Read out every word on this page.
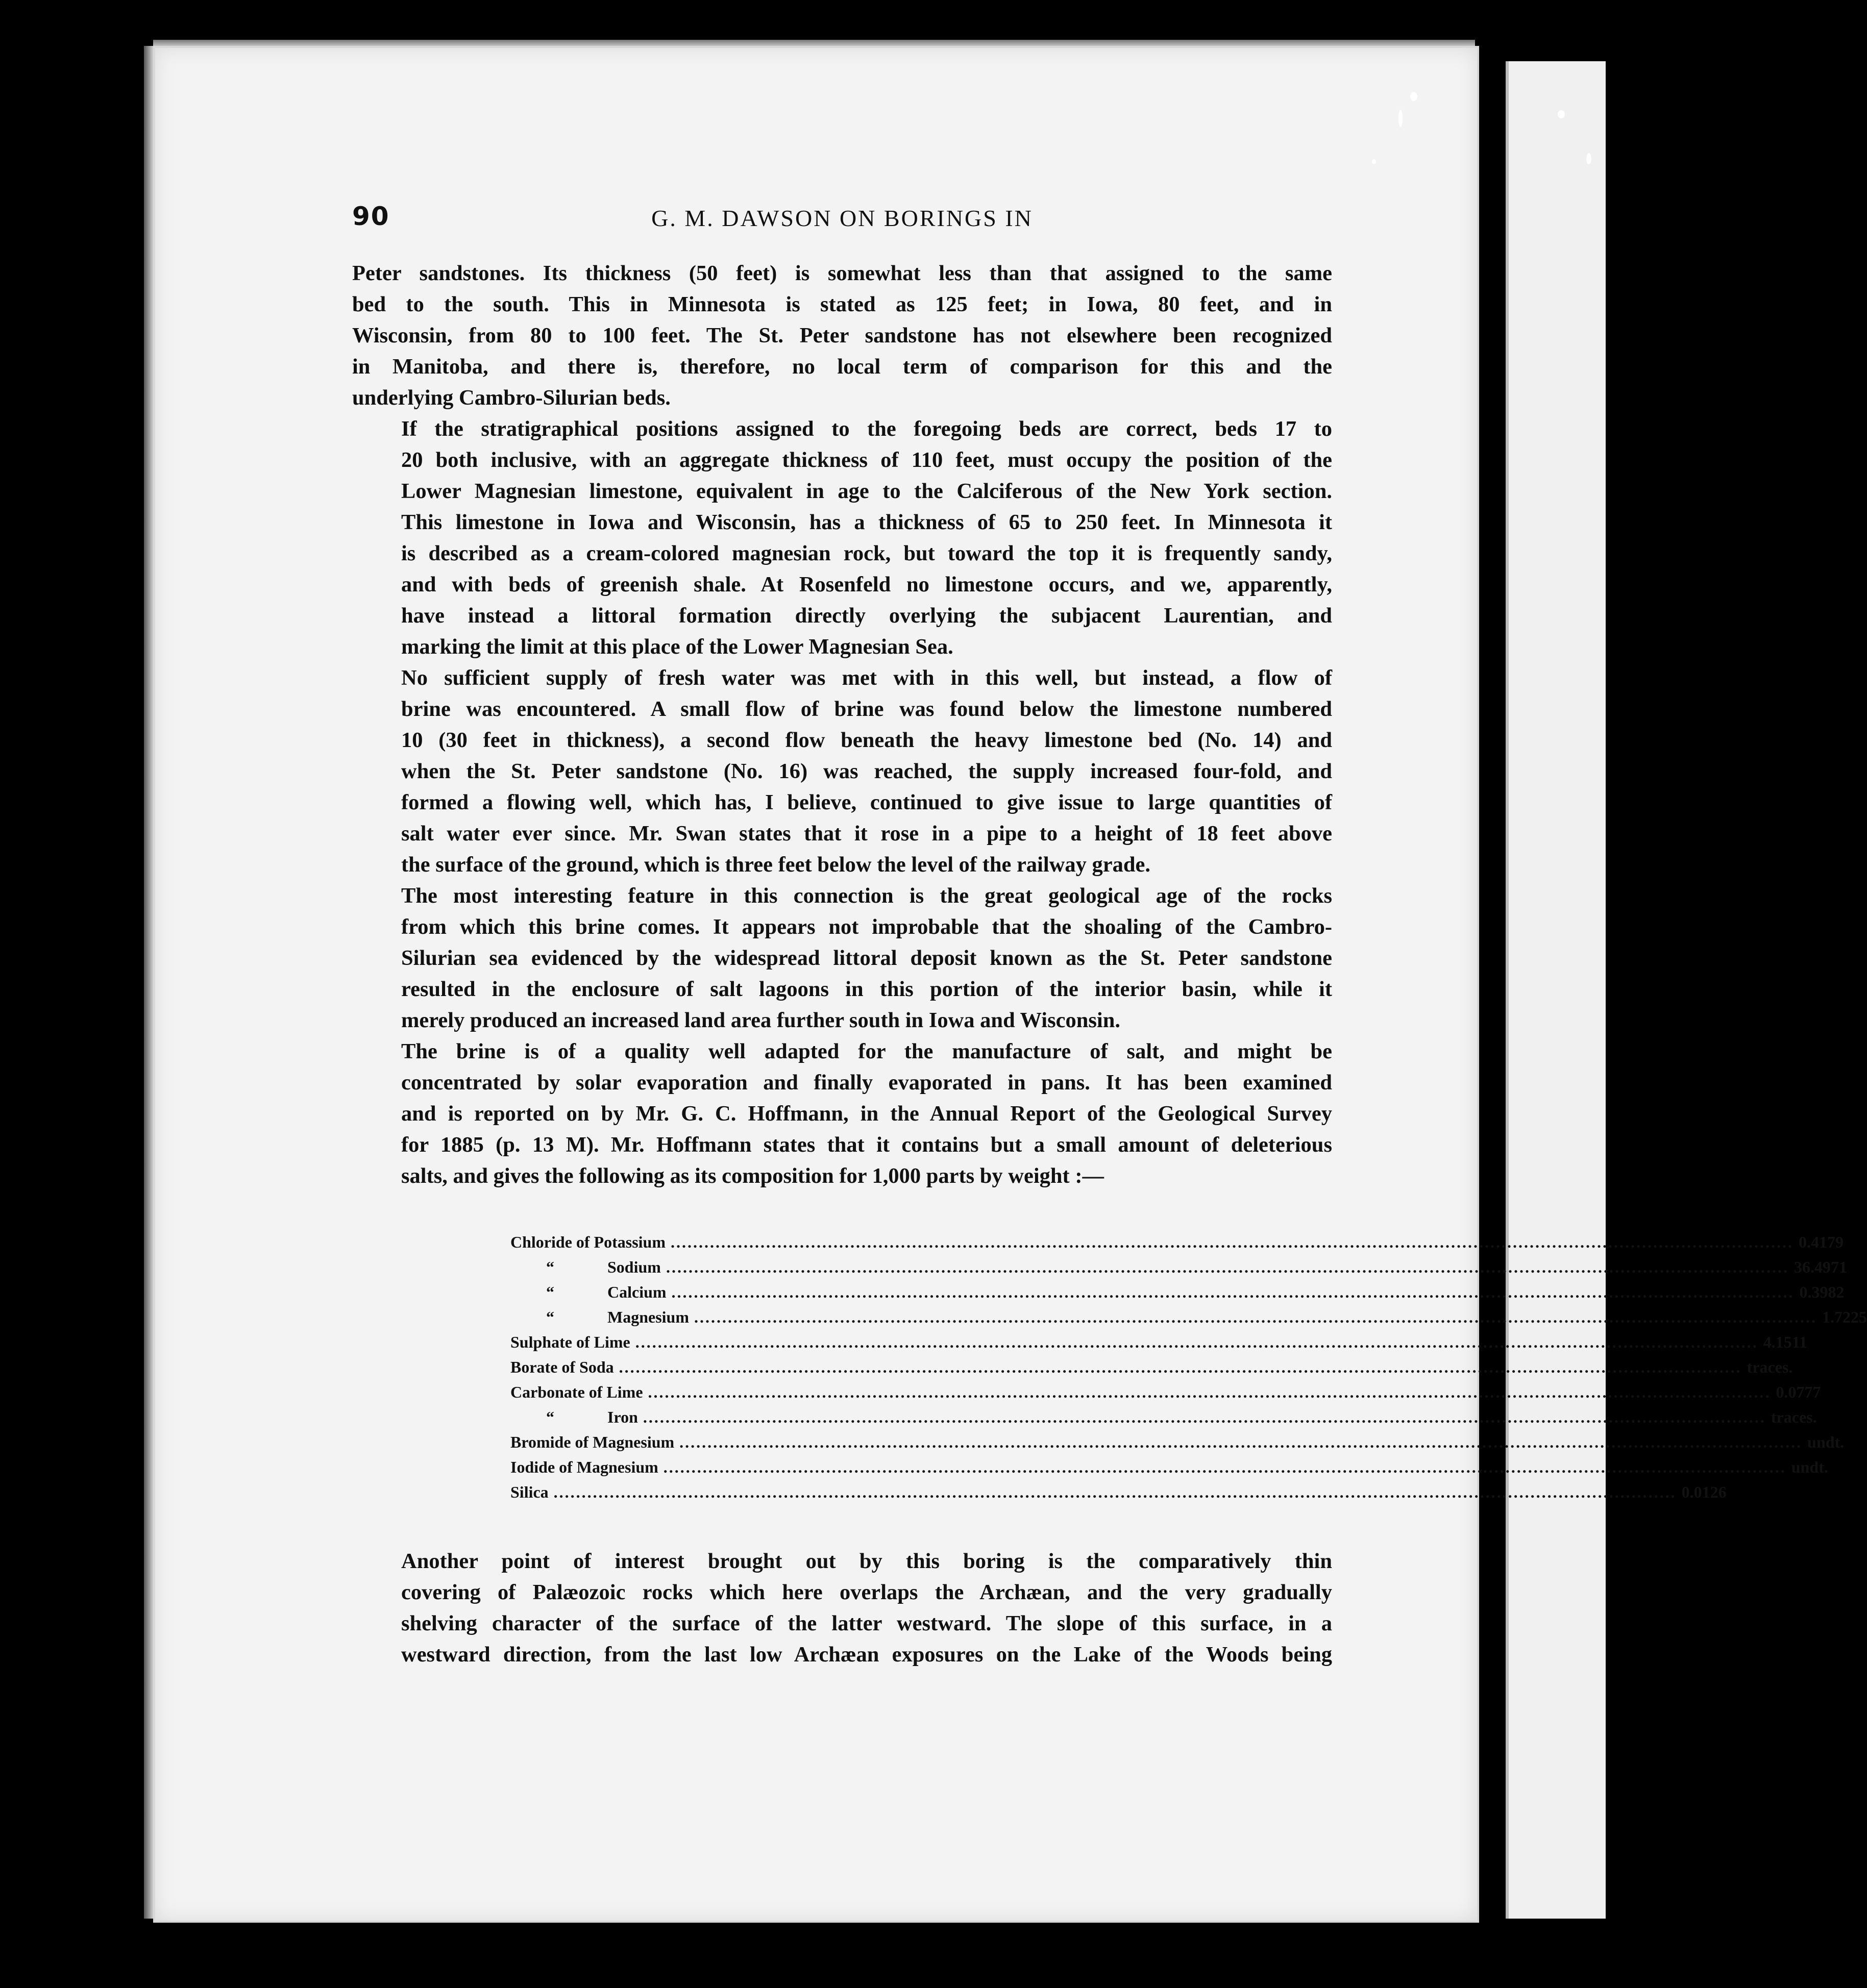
90	G. M. DAWSON ON BORINGS IN

Peter sandstones. Its thickness (50 feet) is somewhat less than that assigned to the same
bed to the south. This in Minnesota is stated as 125 feet; in Iowa, 80 feet, and in
Wisconsin, from 80 to 100 feet. The St. Peter sandstone has not elsewhere been recognized
in Manitoba, and there is, therefore, no local term of comparison for this and the
underlying Cambro-Silurian beds.

If the stratigraphical positions assigned to the foregoing beds are correct, beds 17 to
20 both inclusive, with an aggregate thickness of 110 feet, must occupy the position of the
Lower Magnesian limestone, equivalent in age to the Calciferous of the New York section.
This limestone in Iowa and Wisconsin, has a thickness of 65 to 250 feet. In Minnesota it
is described as a cream-colored magnesian rock, but toward the top it is frequently sandy,
and with beds of greenish shale. At Rosenfeld no limestone occurs, and we, apparently,
have instead a littoral formation directly overlying the subjacent Laurentian, and
marking the limit at this place of the Lower Magnesian Sea.

No sufficient supply of fresh water was met with in this well, but instead, a flow of
brine was encountered. A small flow of brine was found below the limestone numbered
10 (30 feet in thickness), a second flow beneath the heavy limestone bed (No. 14) and
when the St. Peter sandstone (No. 16) was reached, the supply increased four-fold, and
formed a flowing well, which has, I believe, continued to give issue to large quantities of
salt water ever since. Mr. Swan states that it rose in a pipe to a height of 18 feet above
the surface of the ground, which is three feet below the level of the railway grade.

The most interesting feature in this connection is the great geological age of the rocks
from which this brine comes. It appears not improbable that the shoaling of the Cambro-
Silurian sea evidenced by the widespread littoral deposit known as the St. Peter sandstone
resulted in the enclosure of salt lagoons in this portion of the interior basin, while it
merely produced an increased land area further south in Iowa and Wisconsin.

The brine is of a quality well adapted for the manufacture of salt, and might be
concentrated by solar evaporation and finally evaporated in pans. It has been examined
and is reported on by Mr. G. C. Hoffmann, in the Annual Report of the Geological Survey
for 1885 (p. 13 M). Mr. Hoffmann states that it contains but a small amount of deleterious
salts, and gives the following as its composition for 1,000 parts by weight :—

Chloride of Potassium ........................................................................................................................................................................................................ 0.4179
“	Sodium ........................................................................................................................................................................................................ 36.4971
“	Calcium ........................................................................................................................................................................................................ 0.3982
“	Magnesium ........................................................................................................................................................................................................ 1.7225
Sulphate of Lime ........................................................................................................................................................................................................ 4.1511
Borate of Soda ........................................................................................................................................................................................................ traces.
Carbonate of Lime ........................................................................................................................................................................................................ 0.0777
“	Iron ........................................................................................................................................................................................................ traces.
Bromide of Magnesium ........................................................................................................................................................................................................ undt.
Iodide of Magnesium ........................................................................................................................................................................................................ undt.
Silica ........................................................................................................................................................................................................ 0.0126

Another point of interest brought out by this boring is the comparatively thin
covering of Palæozoic rocks which here overlaps the Archæan, and the very gradually
shelving character of the surface of the latter westward. The slope of this surface, in a
westward direction, from the last low Archæan exposures on the Lake of the Woods being
